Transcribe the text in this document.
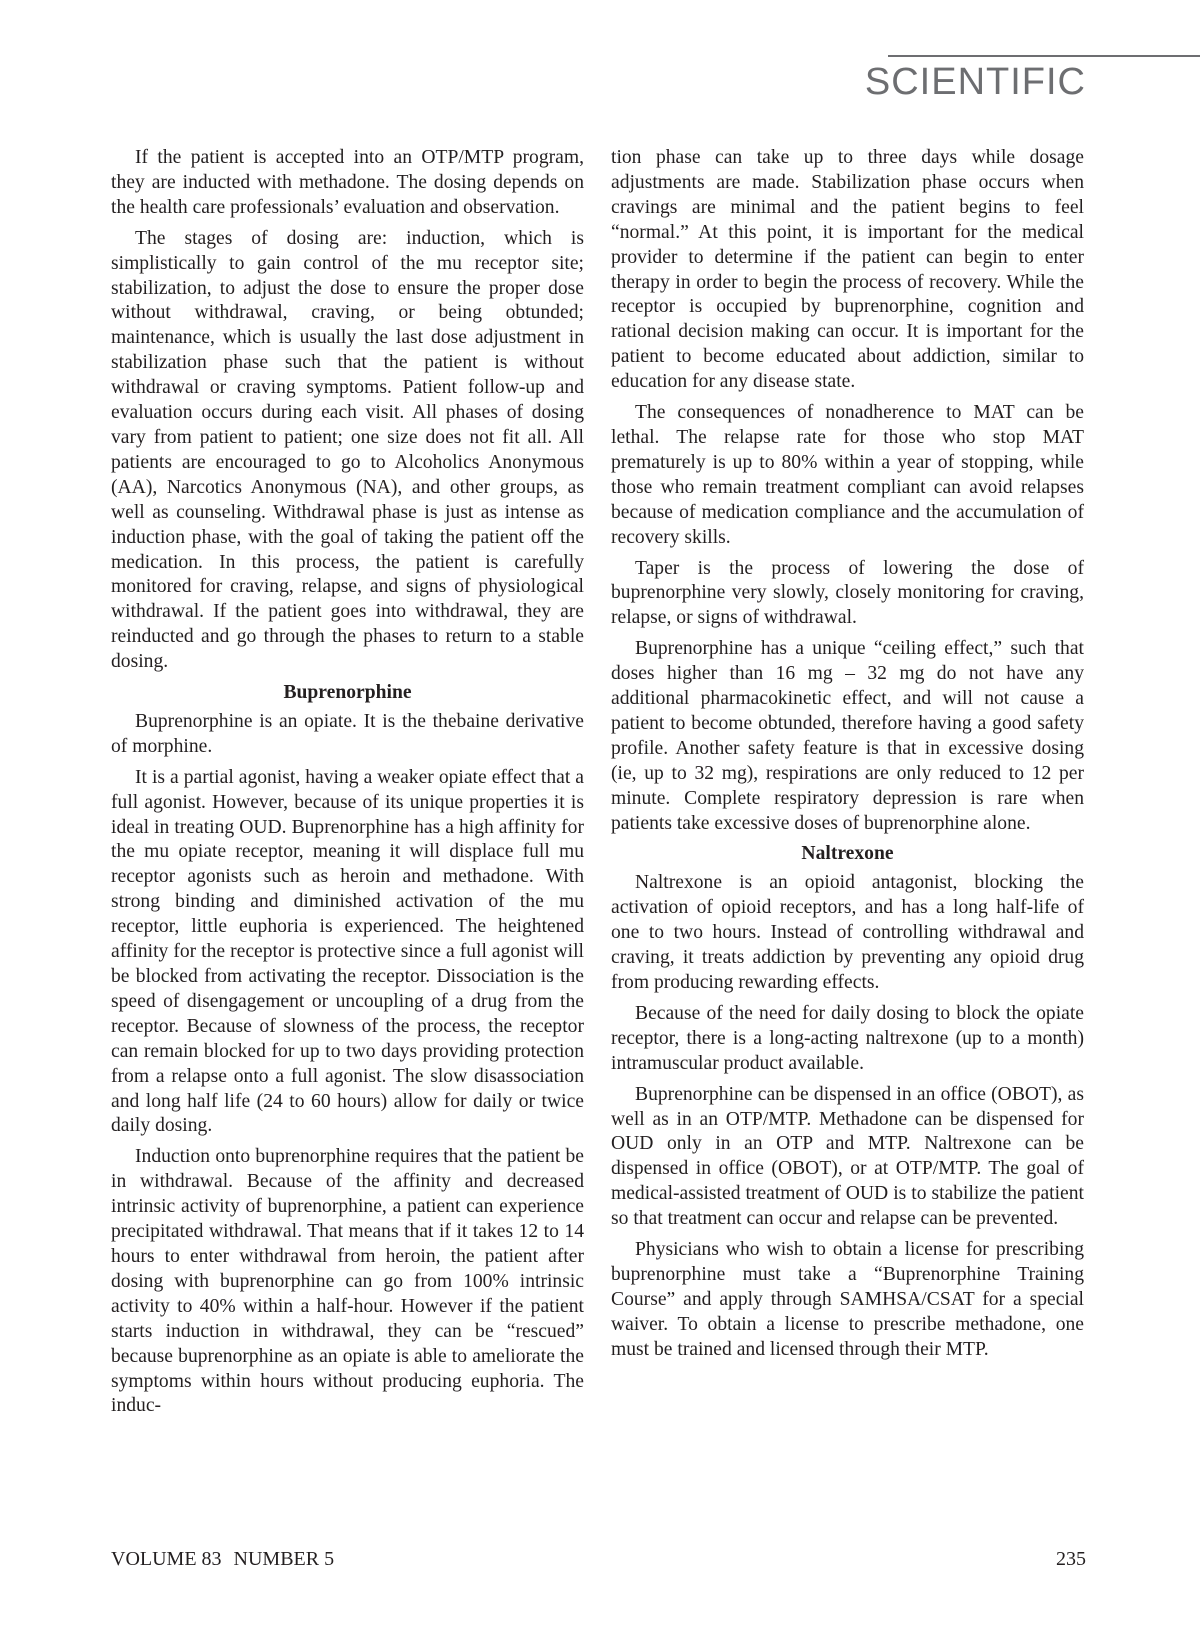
SCIENTIFIC

If the patient is accepted into an OTP/MTP program, they are inducted with methadone. The dosing depends on the health care professionals’ evaluation and observation.

The stages of dosing are: induction, which is simplistically to gain control of the mu receptor site; stabilization, to adjust the dose to ensure the proper dose without withdrawal, craving, or being obtunded; maintenance, which is usually the last dose adjustment in stabilization phase such that the patient is without withdrawal or craving symptoms. Patient follow-up and evaluation occurs during each visit. All phases of dosing vary from patient to patient; one size does not fit all. All patients are encouraged to go to Alcoholics Anonymous (AA), Narcotics Anonymous (NA), and other groups, as well as counseling. Withdrawal phase is just as intense as induction phase, with the goal of taking the patient off the medication. In this process, the patient is carefully monitored for craving, relapse, and signs of physiological withdrawal. If the patient goes into withdrawal, they are reinducted and go through the phases to return to a stable dosing.

Buprenorphine

Buprenorphine is an opiate. It is the thebaine derivative of morphine.

It is a partial agonist, having a weaker opiate effect that a full agonist. However, because of its unique properties it is ideal in treating OUD. Buprenorphine has a high affinity for the mu opiate receptor, meaning it will displace full mu receptor agonists such as heroin and methadone. With strong binding and diminished activation of the mu receptor, little euphoria is experienced. The heightened affinity for the receptor is protective since a full agonist will be blocked from activating the receptor. Dissociation is the speed of disengagement or uncoupling of a drug from the receptor. Because of slowness of the process, the receptor can remain blocked for up to two days providing protection from a relapse onto a full agonist. The slow disassociation and long half life (24 to 60 hours) allow for daily or twice daily dosing.

Induction onto buprenorphine requires that the patient be in withdrawal. Because of the affinity and decreased intrinsic activity of buprenorphine, a patient can experience precipitated withdrawal. That means that if it takes 12 to 14 hours to enter withdrawal from heroin, the patient after dosing with buprenorphine can go from 100% intrinsic activity to 40% within a half-hour. However if the patient starts induction in withdrawal, they can be “rescued” because buprenorphine as an opiate is able to ameliorate the symptoms within hours without producing euphoria. The induc-

tion phase can take up to three days while dosage adjustments are made. Stabilization phase occurs when cravings are minimal and the patient begins to feel “normal.” At this point, it is important for the medical provider to determine if the patient can begin to enter therapy in order to begin the process of recovery. While the receptor is occupied by buprenorphine, cognition and rational decision making can occur. It is important for the patient to become educated about addiction, similar to education for any disease state.

The consequences of nonadherence to MAT can be lethal. The relapse rate for those who stop MAT prematurely is up to 80% within a year of stopping, while those who remain treatment compliant can avoid relapses because of medication compliance and the accumulation of recovery skills.

Taper is the process of lowering the dose of buprenorphine very slowly, closely monitoring for craving, relapse, or signs of withdrawal.

Buprenorphine has a unique “ceiling effect,” such that doses higher than 16 mg – 32 mg do not have any additional pharmacokinetic effect, and will not cause a patient to become obtunded, therefore having a good safety profile. Another safety feature is that in excessive dosing (ie, up to 32 mg), respirations are only reduced to 12 per minute. Complete respiratory depression is rare when patients take excessive doses of buprenorphine alone.

Naltrexone

Naltrexone is an opioid antagonist, blocking the activation of opioid receptors, and has a long half-life of one to two hours. Instead of controlling withdrawal and craving, it treats addiction by preventing any opioid drug from producing rewarding effects.

Because of the need for daily dosing to block the opiate receptor, there is a long-acting naltrexone (up to a month) intramuscular product available.

Buprenorphine can be dispensed in an office (OBOT), as well as in an OTP/MTP. Methadone can be dispensed for OUD only in an OTP and MTP. Naltrexone can be dispensed in office (OBOT), or at OTP/MTP. The goal of medical-assisted treatment of OUD is to stabilize the patient so that treatment can occur and relapse can be prevented.

Physicians who wish to obtain a license for prescribing buprenorphine must take a “Buprenorphine Training Course” and apply through SAMHSA/CSAT for a special waiver. To obtain a license to prescribe methadone, one must be trained and licensed through their MTP.

VOLUME 83 NUMBER 5	235
